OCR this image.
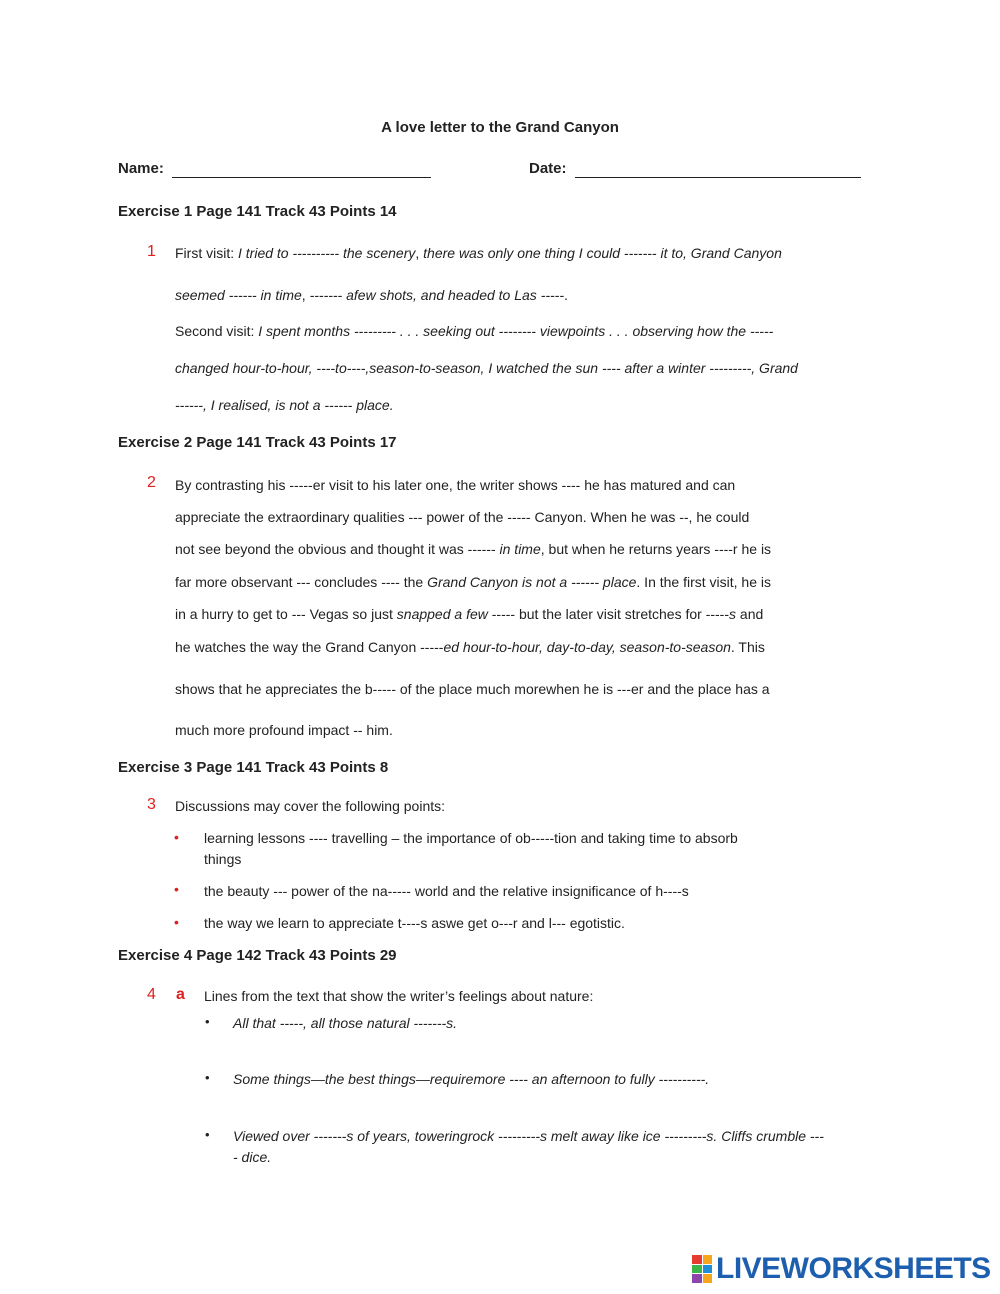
A love letter to the Grand Canyon
Name:	Date:
Exercise 1 Page 141 Track 43 Points 14
1 First visit: I tried to ---------- the scenery, there was only one thing I could ------- it to, Grand Canyon
seemed ------ in time, ------- afew shots, and headed to Las -----.
Second visit: I spent months --------- . . . seeking out -------- viewpoints . . . observing how the -----
changed hour-to-hour, ----to----,season-to-season, I watched the sun ---- after a winter ---------, Grand
------, I realised, is not a ------ place.
Exercise 2 Page 141 Track 43 Points 17
2 By contrasting his -----er visit to his later one, the writer shows ---- he has matured and can
appreciate the extraordinary qualities --- power of the ----- Canyon. When he was --, he could
not see beyond the obvious and thought it was ------ in time, but when he returns years ----r he is
far more observant --- concludes ---- the Grand Canyon is not a ------ place. In the first visit, he is
in a hurry to get to --- Vegas so just snapped a few ----- but the later visit stretches for -----s and
he watches the way the Grand Canyon -----ed hour-to-hour, day-to-day, season-to-season. This
shows that he appreciates the b----- of the place much morewhen he is ---er and the place has a
much more profound impact -- him.
Exercise 3 Page 141 Track 43 Points 8
3 Discussions may cover the following points:
• learning lessons ---- travelling – the importance of ob-----tion and taking time to absorb
things
• the beauty --- power of the na----- world and the relative insignificance of h----s
• the way we learn to appreciate t----s aswe get o---r and l--- egotistic.
Exercise 4 Page 142 Track 43 Points 29
4 a Lines from the text that show the writer’s feelings about nature:
• All that -----, all those natural -------s.
• Some things—the best things—requiremore ---- an afternoon to fully ----------.
• Viewed over -------s of years, toweringrock ---------s melt away like ice ---------s. Cliffs crumble ---
- dice.
LIVEWORKSHEETS
